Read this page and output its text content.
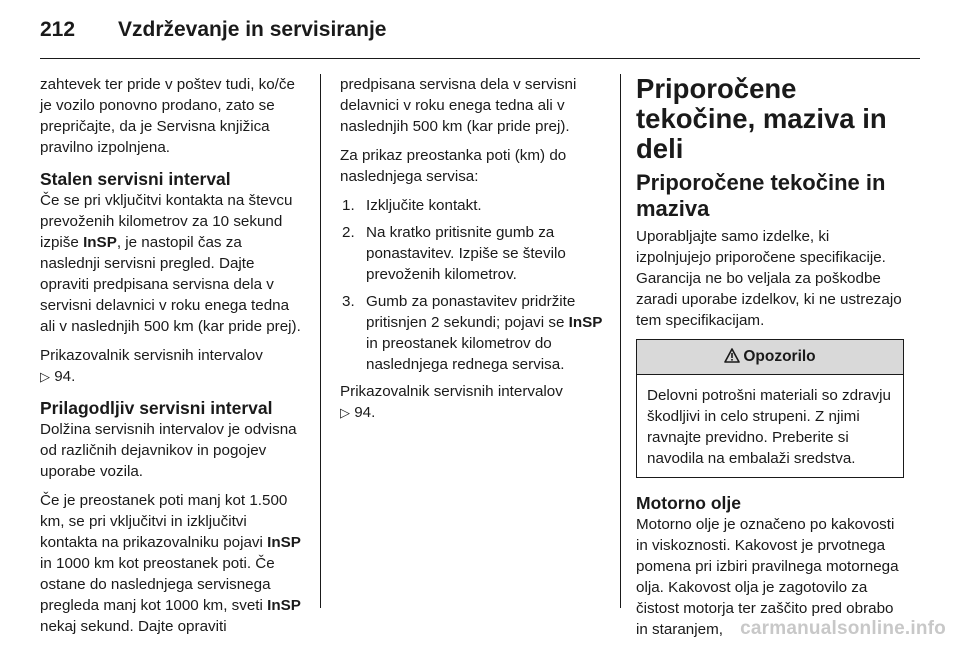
212 Vzdrževanje in servisiranje

zahtevek ter pride v poštev tudi, ko/če je vozilo ponovno prodano, zato se prepričajte, da je Servisna knjižica pravilno izpolnjena.

Stalen servisni interval

Če se pri vključitvi kontakta na števcu prevoženih kilometrov za 10 sekund izpiše InSP, je nastopil čas za naslednji servisni pregled. Dajte opraviti predpisana servisna dela v servisni delavnici v roku enega tedna ali v naslednjih 500 km (kar pride prej).

Prikazovalnik servisnih intervalov
▷ 94.

Prilagodljiv servisni interval

Dolžina servisnih intervalov je odvisna od različnih dejavnikov in pogojev uporabe vozila.

Če je preostanek poti manj kot 1.500 km, se pri vključitvi in izključitvi kontakta na prikazovalniku pojavi InSP in 1000 km kot preostanek poti. Če ostane do naslednjega servisnega pregleda manj kot 1000 km, sveti InSP nekaj sekund. Dajte opraviti

predpisana servisna dela v servisni delavnici v roku enega tedna ali v naslednjih 500 km (kar pride prej).

Za prikaz preostanka poti (km) do naslednjega servisa:

1. Izključite kontakt.
2. Na kratko pritisnite gumb za ponastavitev. Izpiše se število prevoženih kilometrov.
3. Gumb za ponastavitev pridržite pritisnjen 2 sekundi; pojavi se InSP in preostanek kilometrov do naslednjega rednega servisa.

Prikazovalnik servisnih intervalov
▷ 94.

Priporočene tekočine, maziva in deli
Priporočene tekočine in maziva

Uporabljajte samo izdelke, ki izpolnjujejo priporočene specifikacije. Garancija ne bo veljala za poškodbe zaradi uporabe izdelkov, ki ne ustrezajo tem specifikacijam.

Opozorilo
Delovni potrošni materiali so zdravju škodljivi in celo strupeni. Z njimi ravnajte previdno. Preberite si navodila na embalaži sredstva.
Motorno olje

Motorno olje je označeno po kakovosti in viskoznosti. Kakovost je prvotnega pomena pri izbiri pravilnega motornega olja. Kakovost olja je zagotovilo za čistost motorja ter zaščito pred obrabo in staranjem, carmanualsonline.info
